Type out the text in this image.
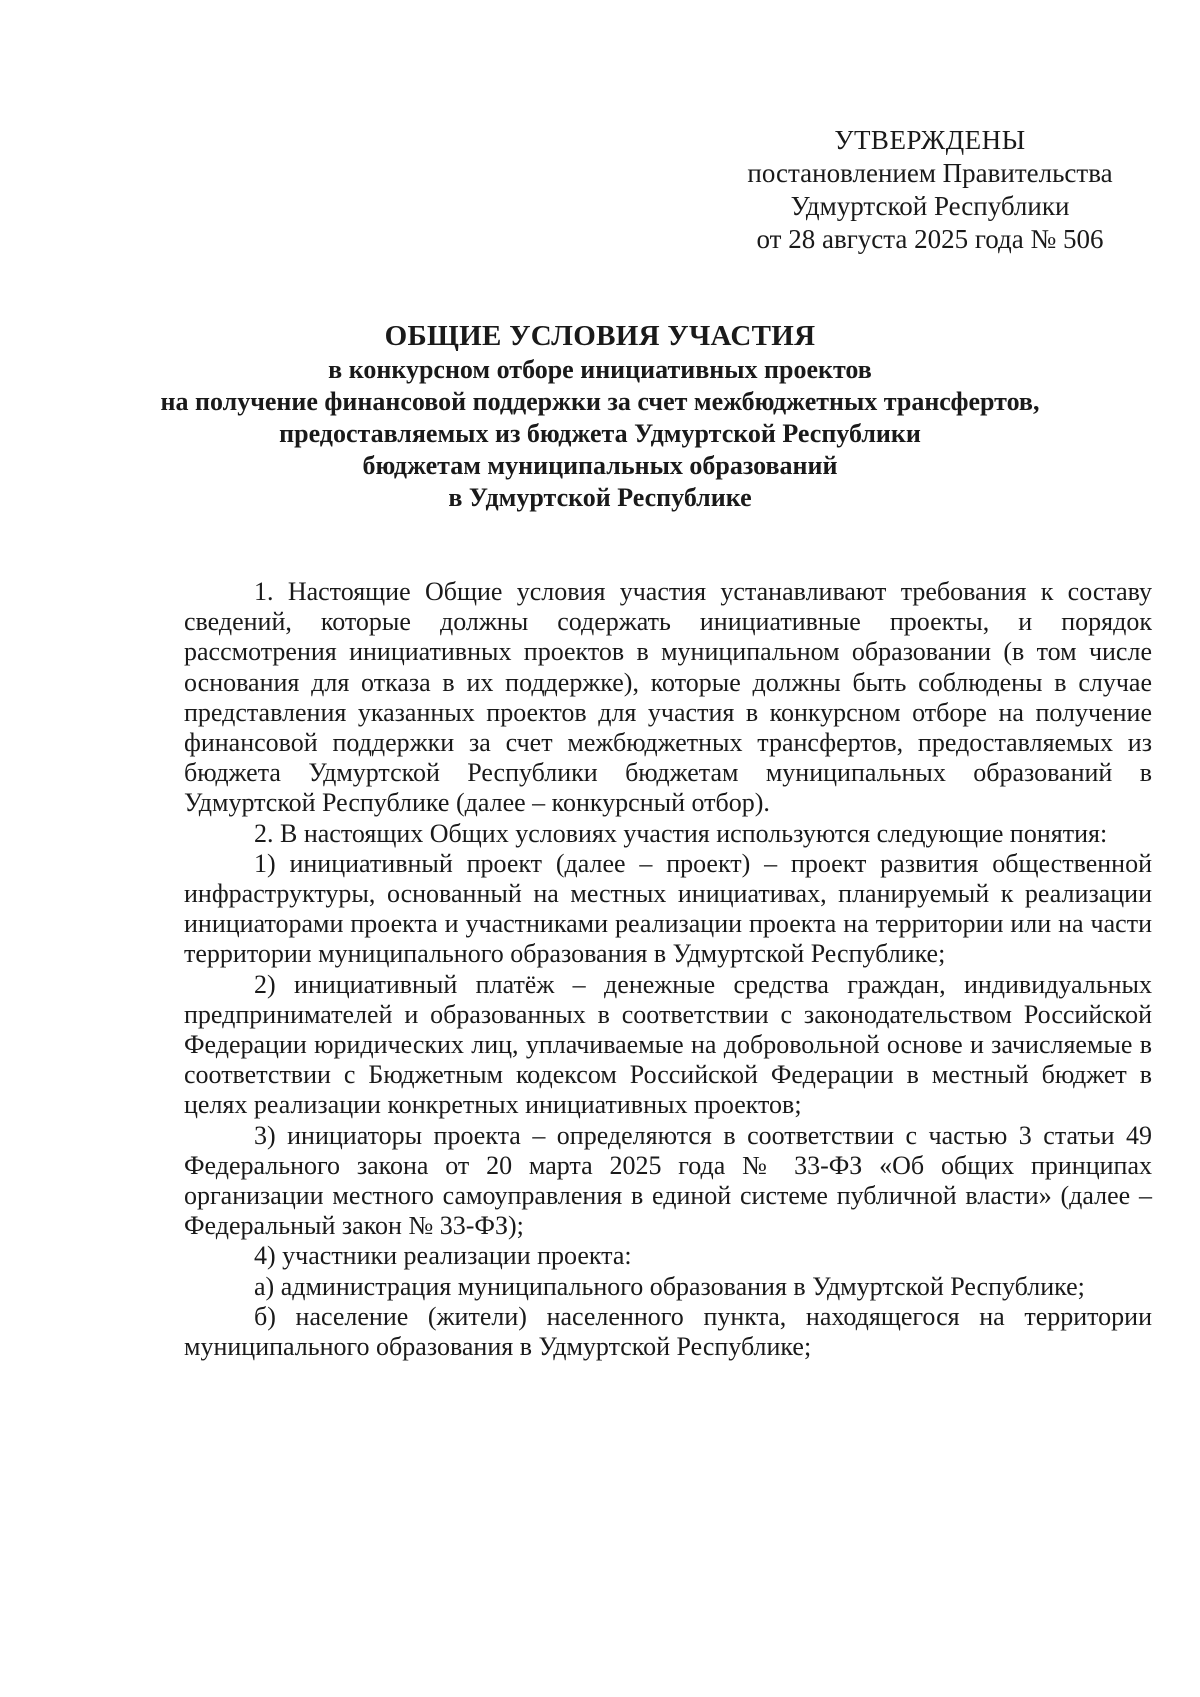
УТВЕРЖДЕНЫ
постановлением Правительства
Удмуртской Республики
от 28 августа 2025 года № 506
ОБЩИЕ УСЛОВИЯ УЧАСТИЯ
в конкурсном отборе инициативных проектов
на получение финансовой поддержки за счет межбюджетных трансфертов,
предоставляемых из бюджета Удмуртской Республики
бюджетам муниципальных образований
в Удмуртской Республике

1. Настоящие Общие условия участия устанавливают требования к составу сведений, которые должны содержать инициативные проекты, и порядок рассмотрения инициативных проектов в муниципальном образовании (в том числе основания для отказа в их поддержке), которые должны быть соблюдены в случае представления указанных проектов для участия в конкурсном отборе на получение финансовой поддержки за счет межбюджетных трансфертов, предоставляемых из бюджета Удмуртской Республики бюджетам муниципальных образований в Удмуртской Республике (далее – конкурсный отбор).

2. В настоящих Общих условиях участия используются следующие понятия:

1) инициативный проект (далее – проект) – проект развития общественной инфраструктуры, основанный на местных инициативах, планируемый к реализации инициаторами проекта и участниками реализации проекта на территории или на части территории муниципального образования в Удмуртской Республике;

2) инициативный платёж – денежные средства граждан, индивидуальных предпринимателей и образованных в соответствии с законодательством Российской Федерации юридических лиц, уплачиваемые на добровольной основе и зачисляемые в соответствии с Бюджетным кодексом Российской Федерации в местный бюджет в целях реализации конкретных инициативных проектов;

3) инициаторы проекта – определяются в соответствии с частью 3 статьи 49 Федерального закона от 20 марта 2025 года № 33-ФЗ «Об общих принципах организации местного самоуправления в единой системе публичной власти» (далее – Федеральный закон № 33-ФЗ);

4) участники реализации проекта:

а) администрация муниципального образования в Удмуртской Республике;

б) население (жители) населенного пункта, находящегося на территории муниципального образования в Удмуртской Республике;
